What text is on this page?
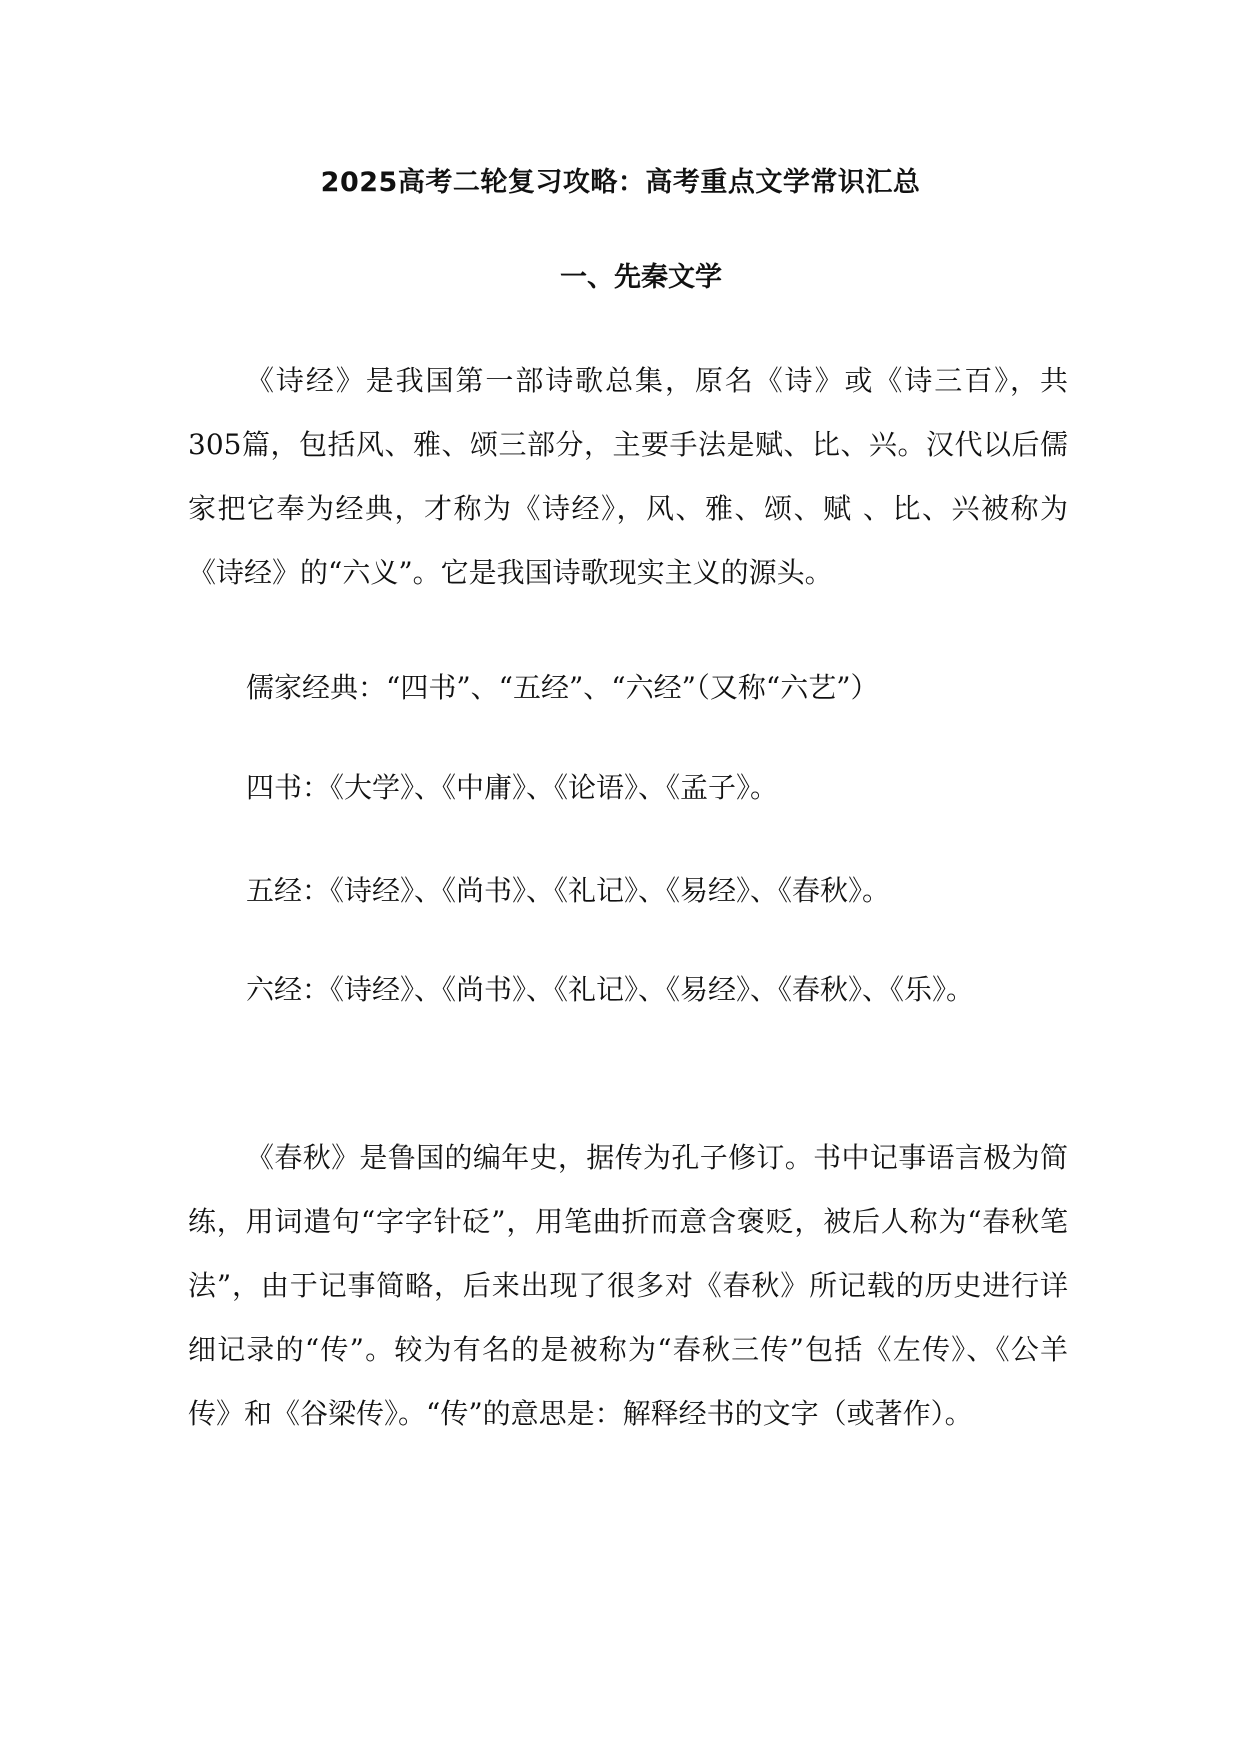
2025高考二轮复习攻略：高考重点文学常识汇总
一、先秦文学

《诗经》是我国第一部诗歌总集，原名《诗》或《诗三百》，共305篇，包括风、雅、颂三部分，主要手法是赋、比、兴。汉代以后儒家把它奉为经典，才称为《诗经》，风、雅、颂、赋 、比、兴被称为《诗经》的“六义”。它是我国诗歌现实主义的源头。

儒家经典：“四书”、“五经”、“六经”（又称“六艺”）

四书：《大学》、《中庸》、《论语》、《孟子》。

五经：《诗经》、《尚书》、《礼记》、《易经》、《春秋》。

六经：《诗经》、《尚书》、《礼记》、《易经》、《春秋》、《乐》。

《春秋》是鲁国的编年史，据传为孔子修订。书中记事语言极为简练，用词遣句“字字针砭”，用笔曲折而意含褒贬，被后人称为“春秋笔法”，由于记事简略，后来出现了很多对《春秋》所记载的历史进行详细记录的“传”。较为有名的是被称为“春秋三传”包括《左传》、《公羊传》和《谷梁传》。“传”的意思是：解释经书的文字（或著作）。
